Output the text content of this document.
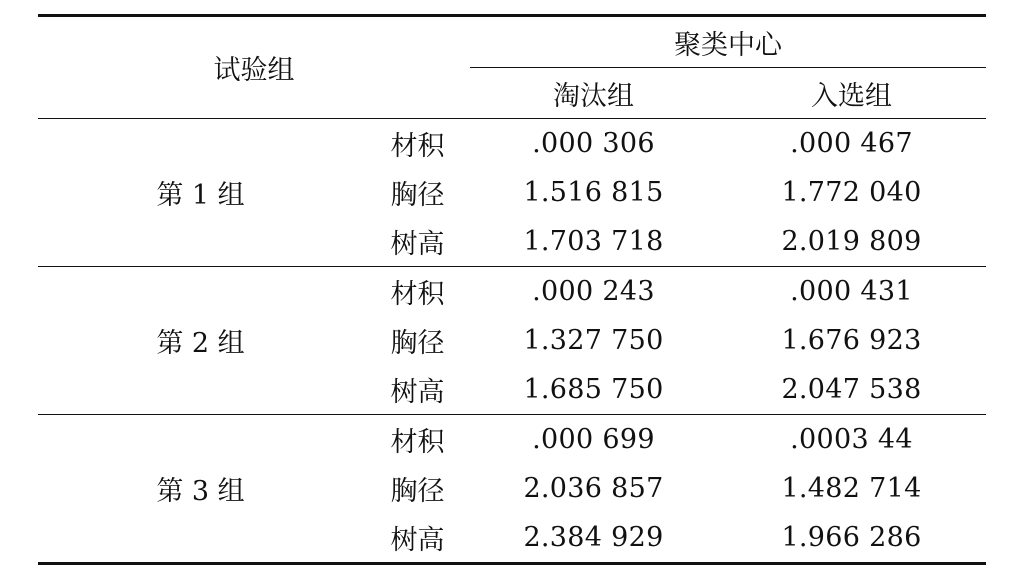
试验组		聚类中心	
		淘汰组	入选组
第 1 组	材积	.000 306	.000 467
	胸径	1.516 815	1.772 040
	树高	1.703 718	2.019 809
第 2 组	材积	.000 243	.000 431
	胸径	1.327 750	1.676 923
	树高	1.685 750	2.047 538
第 3 组	材积	.000 699	.0003 44
	胸径	2.036 857	1.482 714
	树高	2.384 929	1.966 286
